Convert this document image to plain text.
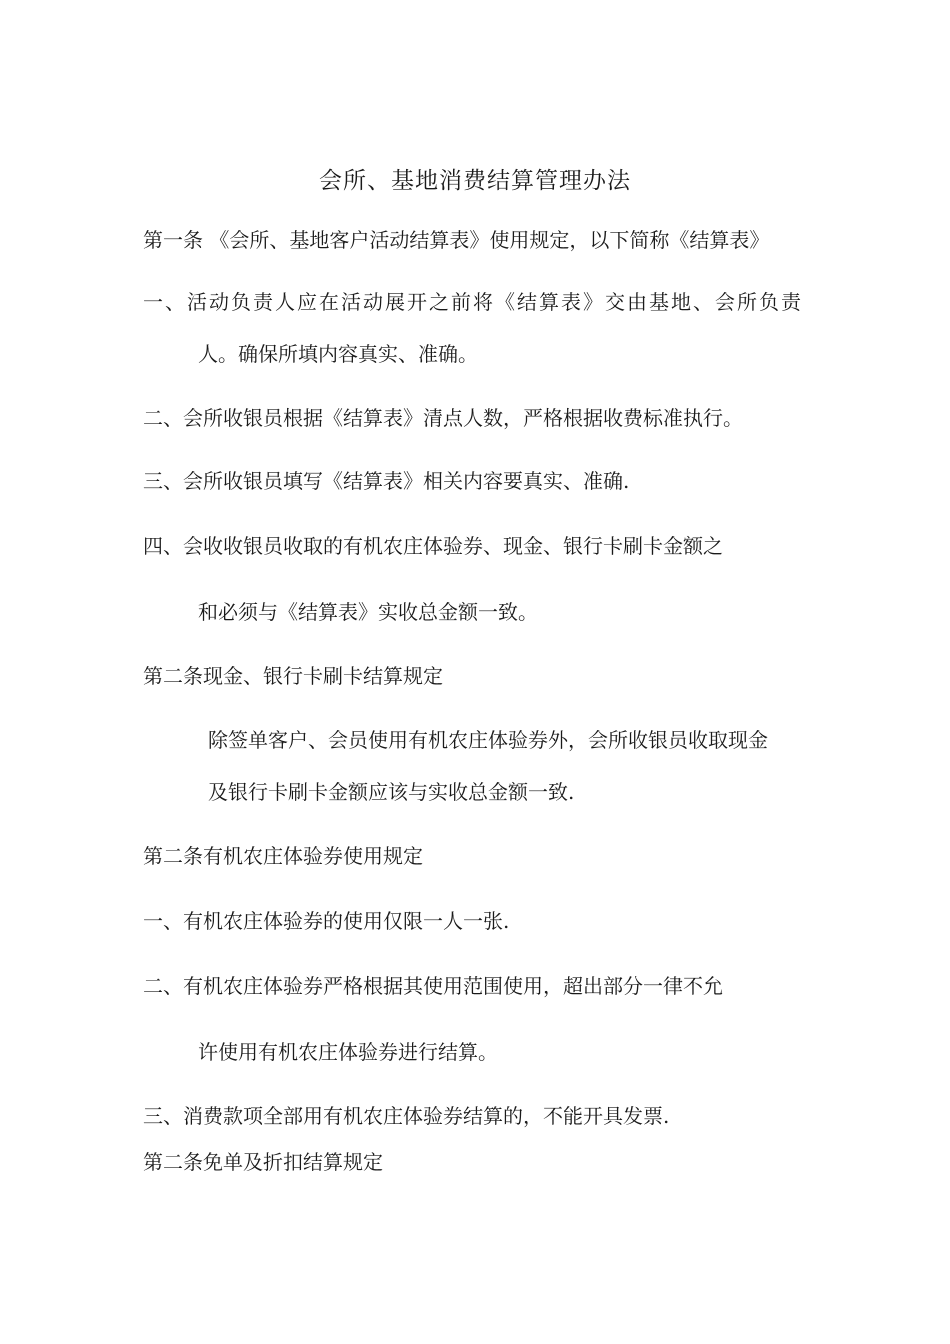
会所、基地消费结算管理办法
第一条 《会所、基地客户活动结算表》使用规定，以下简称《结算表》
一、活动负责人应在活动展开之前将《结算表》交由基地、会所负责
人。确保所填内容真实、准确。
二、会所收银员根据《结算表》清点人数，严格根据收费标准执行。
三、会所收银员填写《结算表》相关内容要真实、准确.
四、会收收银员收取的有机农庄体验券、现金、银行卡刷卡金额之
和必须与《结算表》实收总金额一致。
第二条现金、银行卡刷卡结算规定
除签单客户、会员使用有机农庄体验券外，会所收银员收取现金
及银行卡刷卡金额应该与实收总金额一致.
第二条有机农庄体验券使用规定
一、有机农庄体验券的使用仅限一人一张.
二、有机农庄体验券严格根据其使用范围使用，超出部分一律不允
许使用有机农庄体验券进行结算。
三、消费款项全部用有机农庄体验券结算的，不能开具发票.
第二条免单及折扣结算规定
